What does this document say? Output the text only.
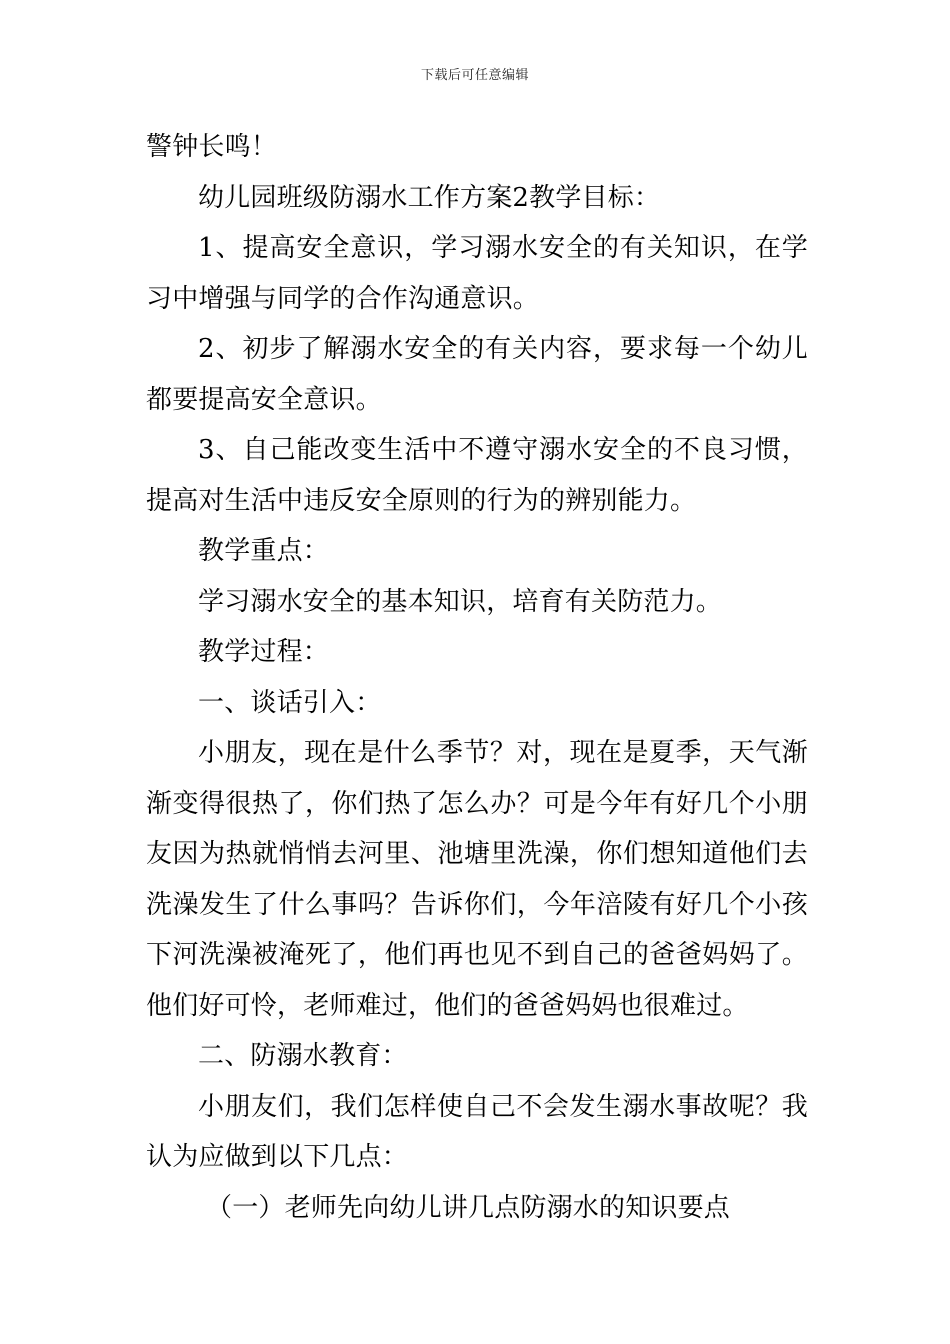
下载后可任意编辑

警钟长鸣！

幼儿园班级防溺水工作方案2教学目标：

1、提高安全意识，学习溺水安全的有关知识，在学习中增强与同学的合作沟通意识。

2、初步了解溺水安全的有关内容，要求每一个幼儿都要提高安全意识。

3、自己能改变生活中不遵守溺水安全的不良习惯，提高对生活中违反安全原则的行为的辨别能力。

教学重点：

学习溺水安全的基本知识，培育有关防范力。

教学过程：

一、谈话引入：

小朋友，现在是什么季节？对，现在是夏季，天气渐渐变得很热了，你们热了怎么办？可是今年有好几个小朋友因为热就悄悄去河里、池塘里洗澡，你们想知道他们去洗澡发生了什么事吗？告诉你们，今年涪陵有好几个小孩下河洗澡被淹死了，他们再也见不到自己的爸爸妈妈了。他们好可怜，老师难过，他们的爸爸妈妈也很难过。

二、防溺水教育：

小朋友们，我们怎样使自己不会发生溺水事故呢？我认为应做到以下几点：

（一）老师先向幼儿讲几点防溺水的知识要点
